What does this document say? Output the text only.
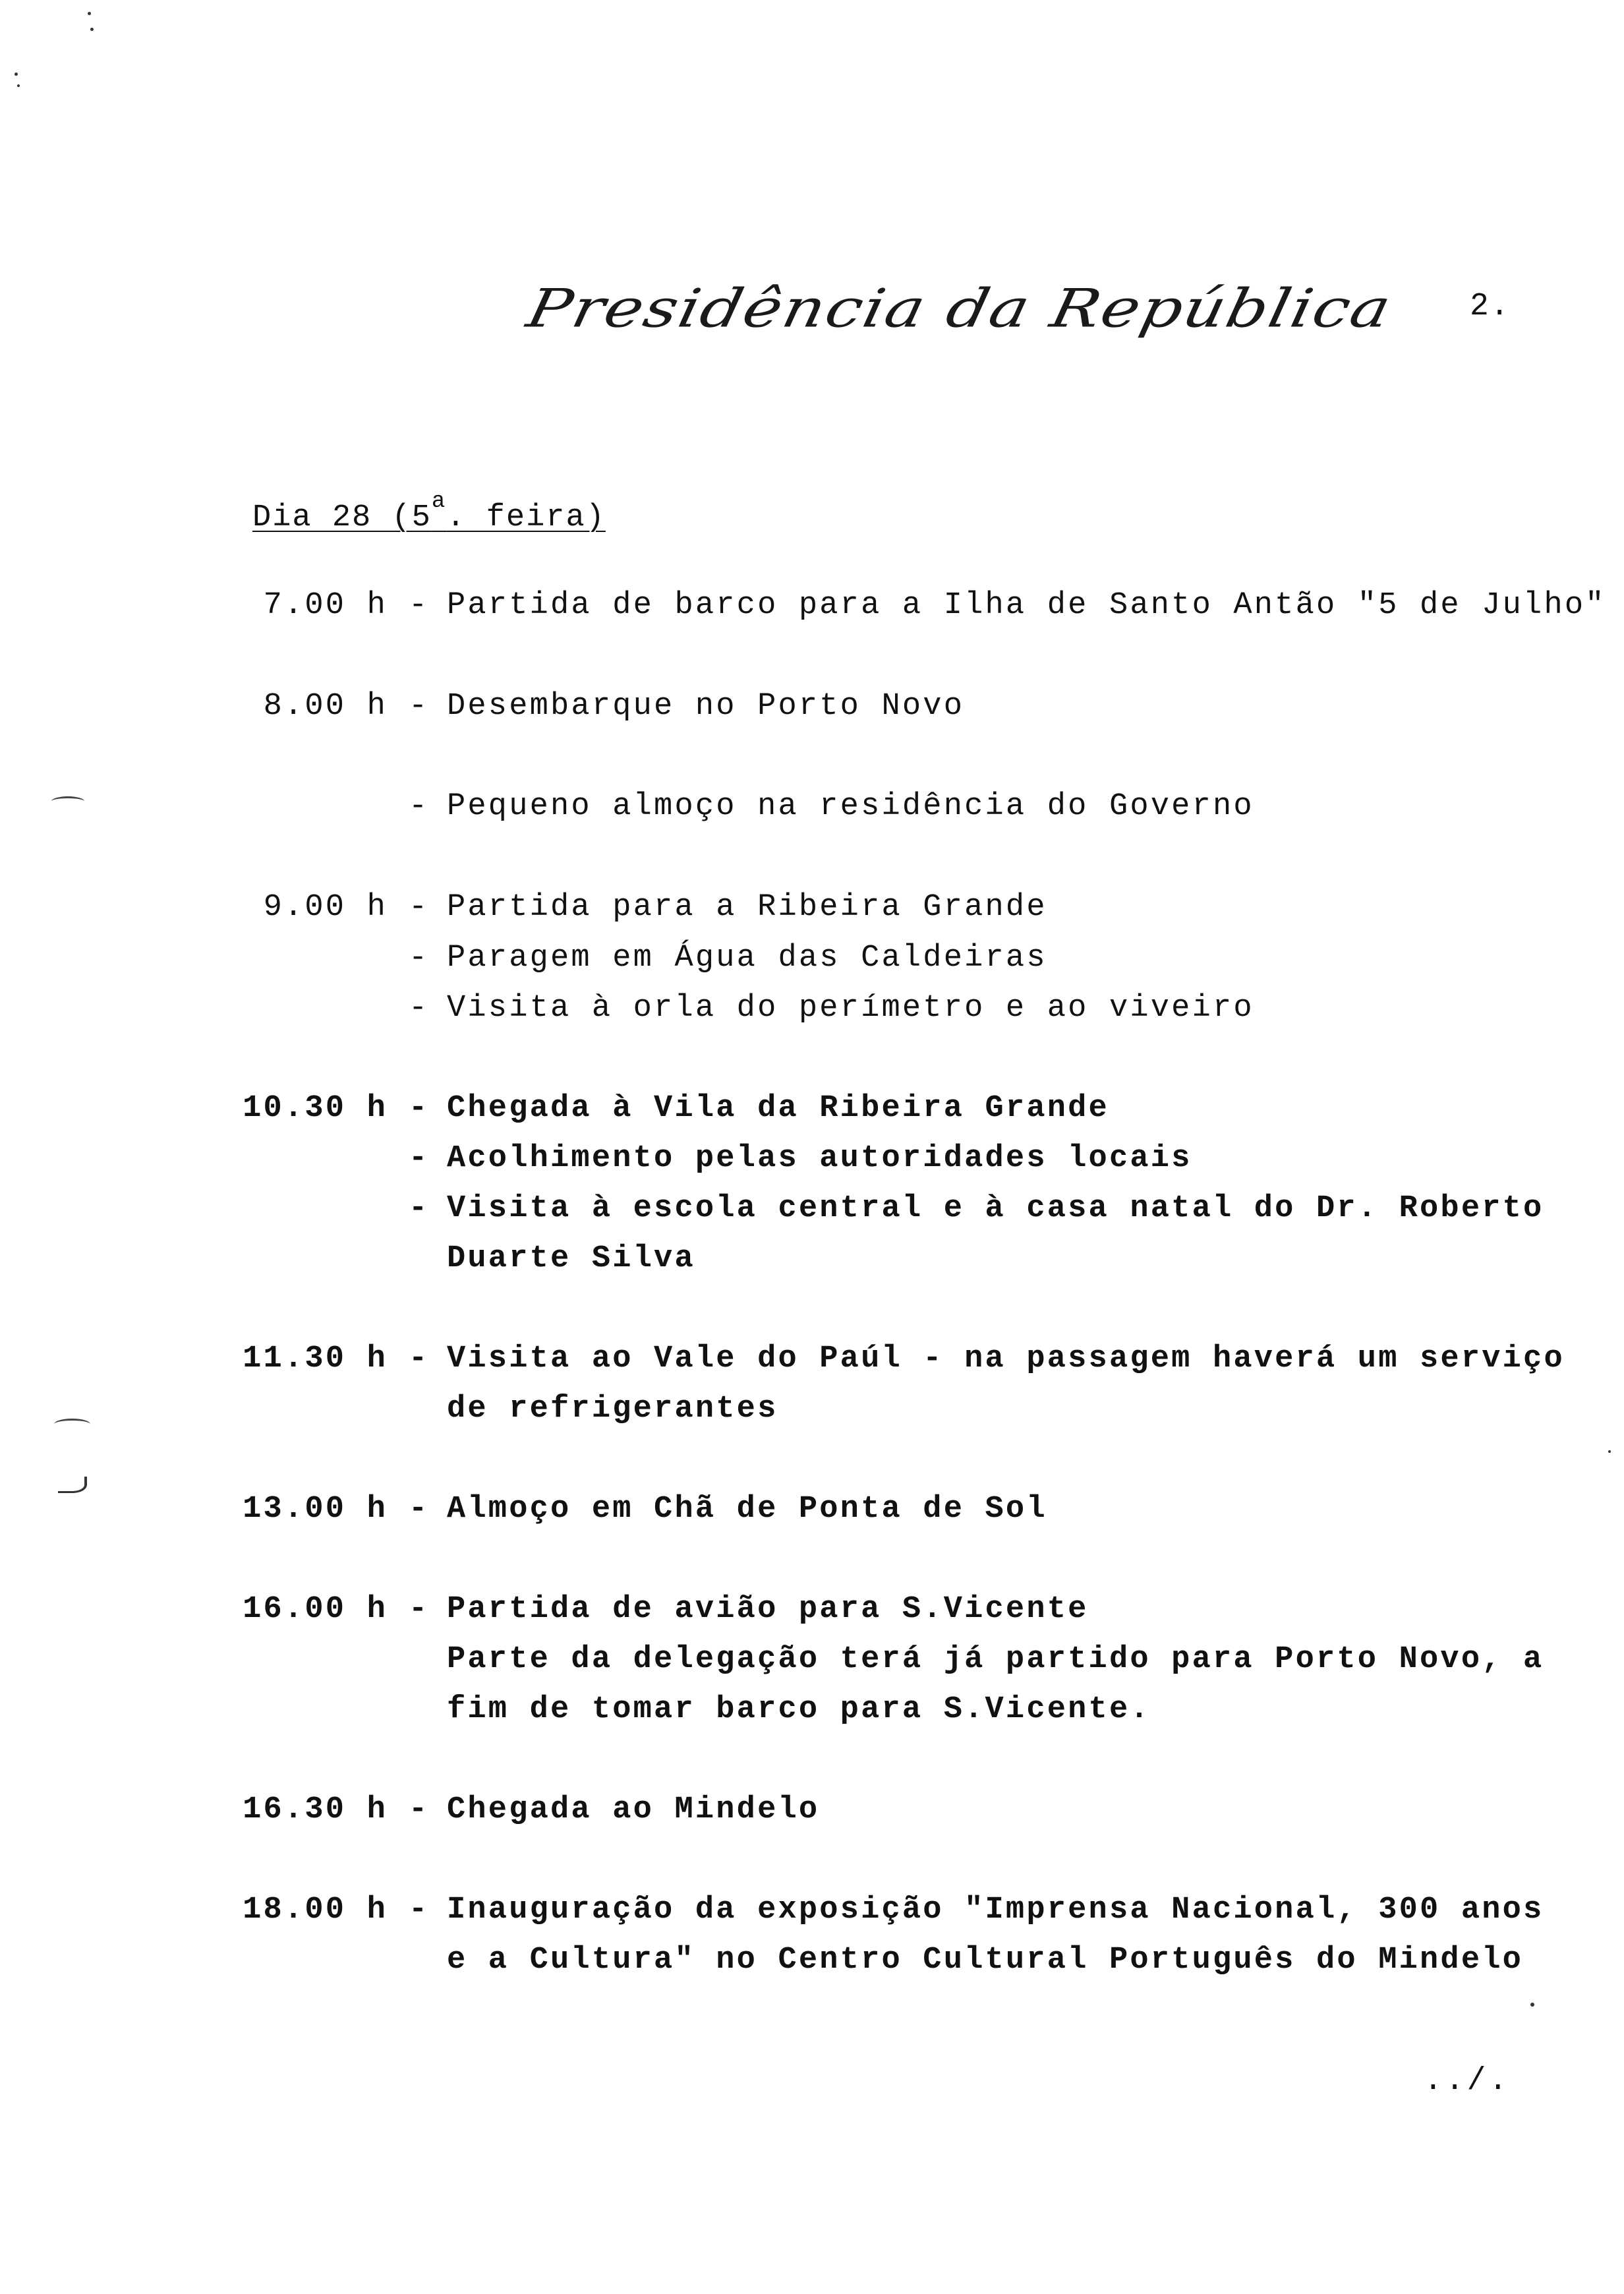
Presidência da República 2.
Dia 28 (5$^a$. feira)
7.00 h - Partida de barco para a Ilha de Santo Antão "5 de Julho"
8.00 h - Desembarque no Porto Novo
- Pequeno almoço na residência do Governo
9.00 h - Partida para a Ribeira Grande
- Paragem em Água das Caldeiras
- Visita à orla do perímetro e ao viveiro
10.30 h - Chegada à Vila da Ribeira Grande
- Acolhimento pelas autoridades locais
- Visita à escola central e à casa natal do Dr. Roberto
Duarte Silva
11.30 h - Visita ao Vale do Paúl - na passagem haverá um serviço
de refrigerantes
13.00 h - Almoço em Chã de Ponta de Sol
16.00 h - Partida de avião para S.Vicente
Parte da delegação terá já partido para Porto Novo, a
fim de tomar barco para S.Vicente.
16.30 h - Chegada ao Mindelo
18.00 h - Inauguração da exposição "Imprensa Nacional, 300 anos
e a Cultura" no Centro Cultural Português do Mindelo
../.
